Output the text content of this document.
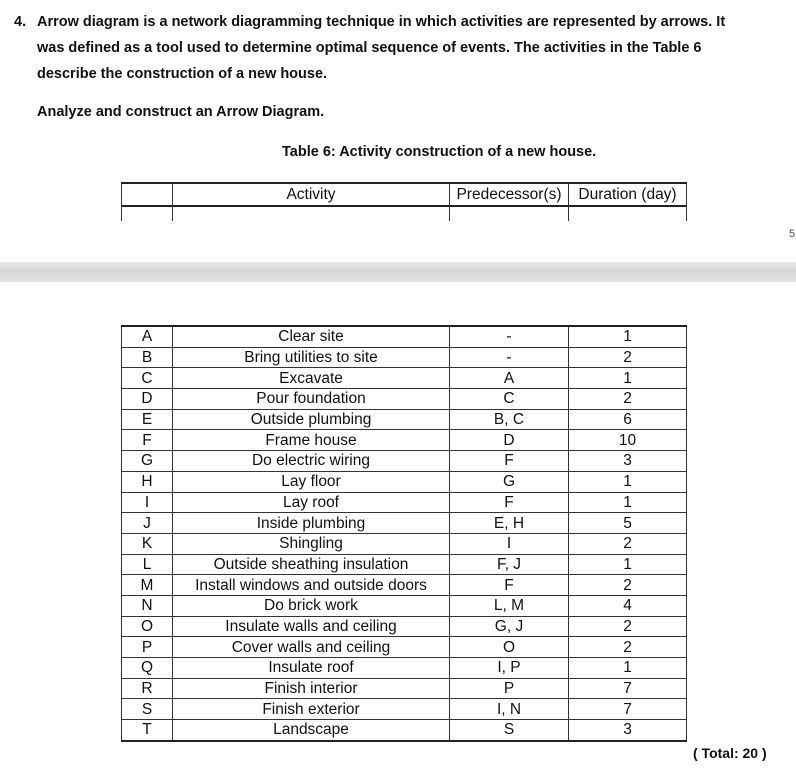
4. Arrow diagram is a network diagramming technique in which activities are represented by arrows. It
was defined as a tool used to determine optimal sequence of events. The activities in the Table 6
describe the construction of a new house.
Analyze and construct an Arrow Diagram.
Table 6: Activity construction of a new house.
5
	Activity	Predecessor(s)	Duration (day)

A	Clear site	-	1
B	Bring utilities to site	-	2
C	Excavate	A	1
D	Pour foundation	C	2
E	Outside plumbing	B, C	6
F	Frame house	D	10
G	Do electric wiring	F	3
H	Lay floor	G	1
I	Lay roof	F	1
J	Inside plumbing	E, H	5
K	Shingling	I	2
L	Outside sheathing insulation	F, J	1
M	Install windows and outside doors	F	2
N	Do brick work	L, M	4
O	Insulate walls and ceiling	G, J	2
P	Cover walls and ceiling	O	2
Q	Insulate roof	I, P	1
R	Finish interior	P	7
S	Finish exterior	I, N	7
T	Landscape	S	3
( Total: 20 )
